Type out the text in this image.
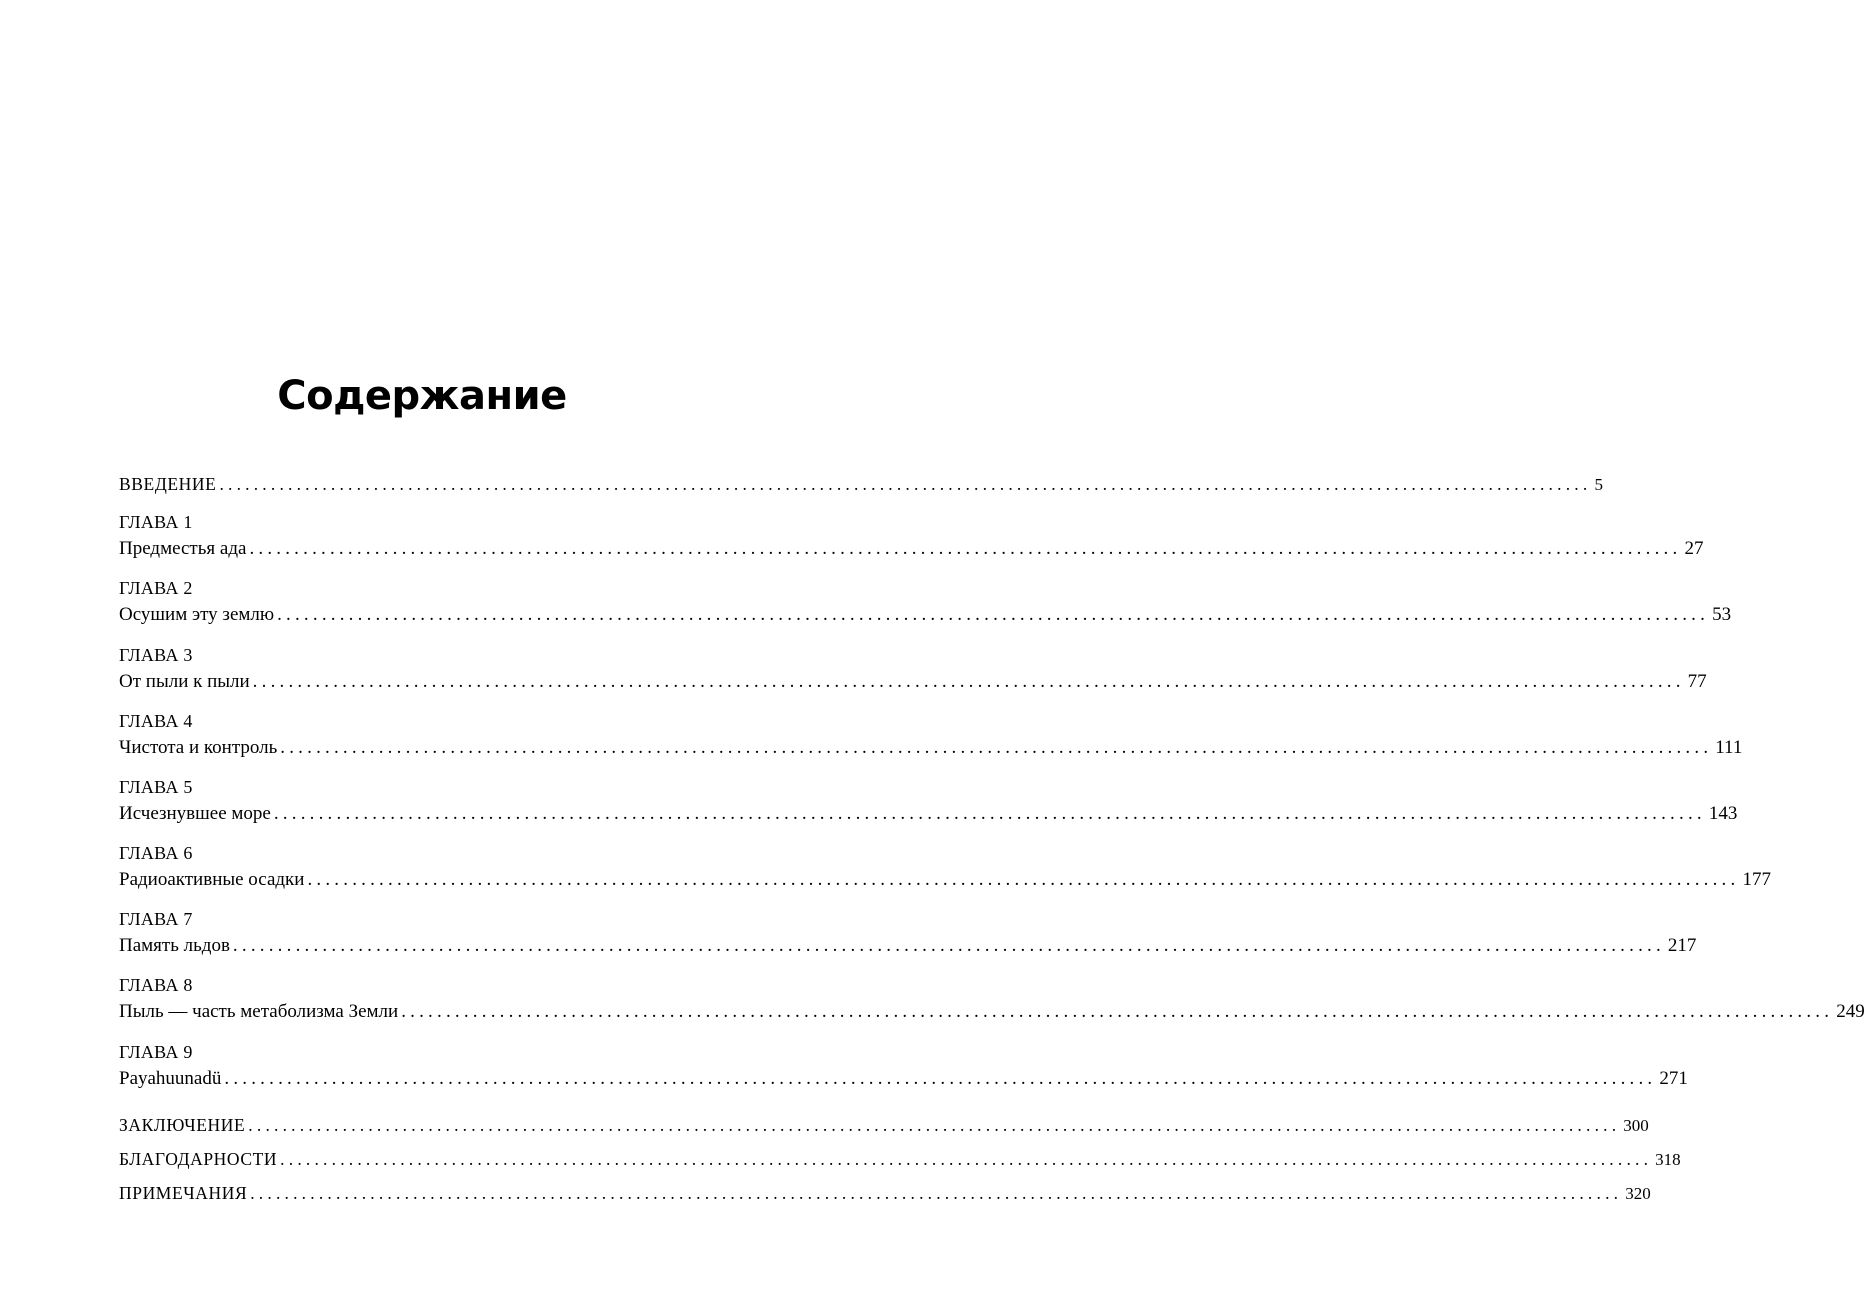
Содержание
ВВЕДЕНИЕ ................................................................................................................................................................ 5
ГЛАВА 1
Предместья ада ................................................................................................................................................................ 27
ГЛАВА 2
Осушим эту землю ................................................................................................................................................................ 53
ГЛАВА 3
От пыли к пыли ................................................................................................................................................................ 77
ГЛАВА 4
Чистота и контроль ................................................................................................................................................................ 111
ГЛАВА 5
Исчезнувшее море ................................................................................................................................................................ 143
ГЛАВА 6
Радиоактивные осадки ................................................................................................................................................................ 177
ГЛАВА 7
Память льдов ................................................................................................................................................................ 217
ГЛАВА 8
Пыль — часть метаболизма Земли ................................................................................................................................................................ 249
ГЛАВА 9
Payahuunadü ................................................................................................................................................................ 271
ЗАКЛЮЧЕНИЕ ................................................................................................................................................................ 300
БЛАГОДАРНОСТИ ................................................................................................................................................................ 318
ПРИМЕЧАНИЯ ................................................................................................................................................................ 320
